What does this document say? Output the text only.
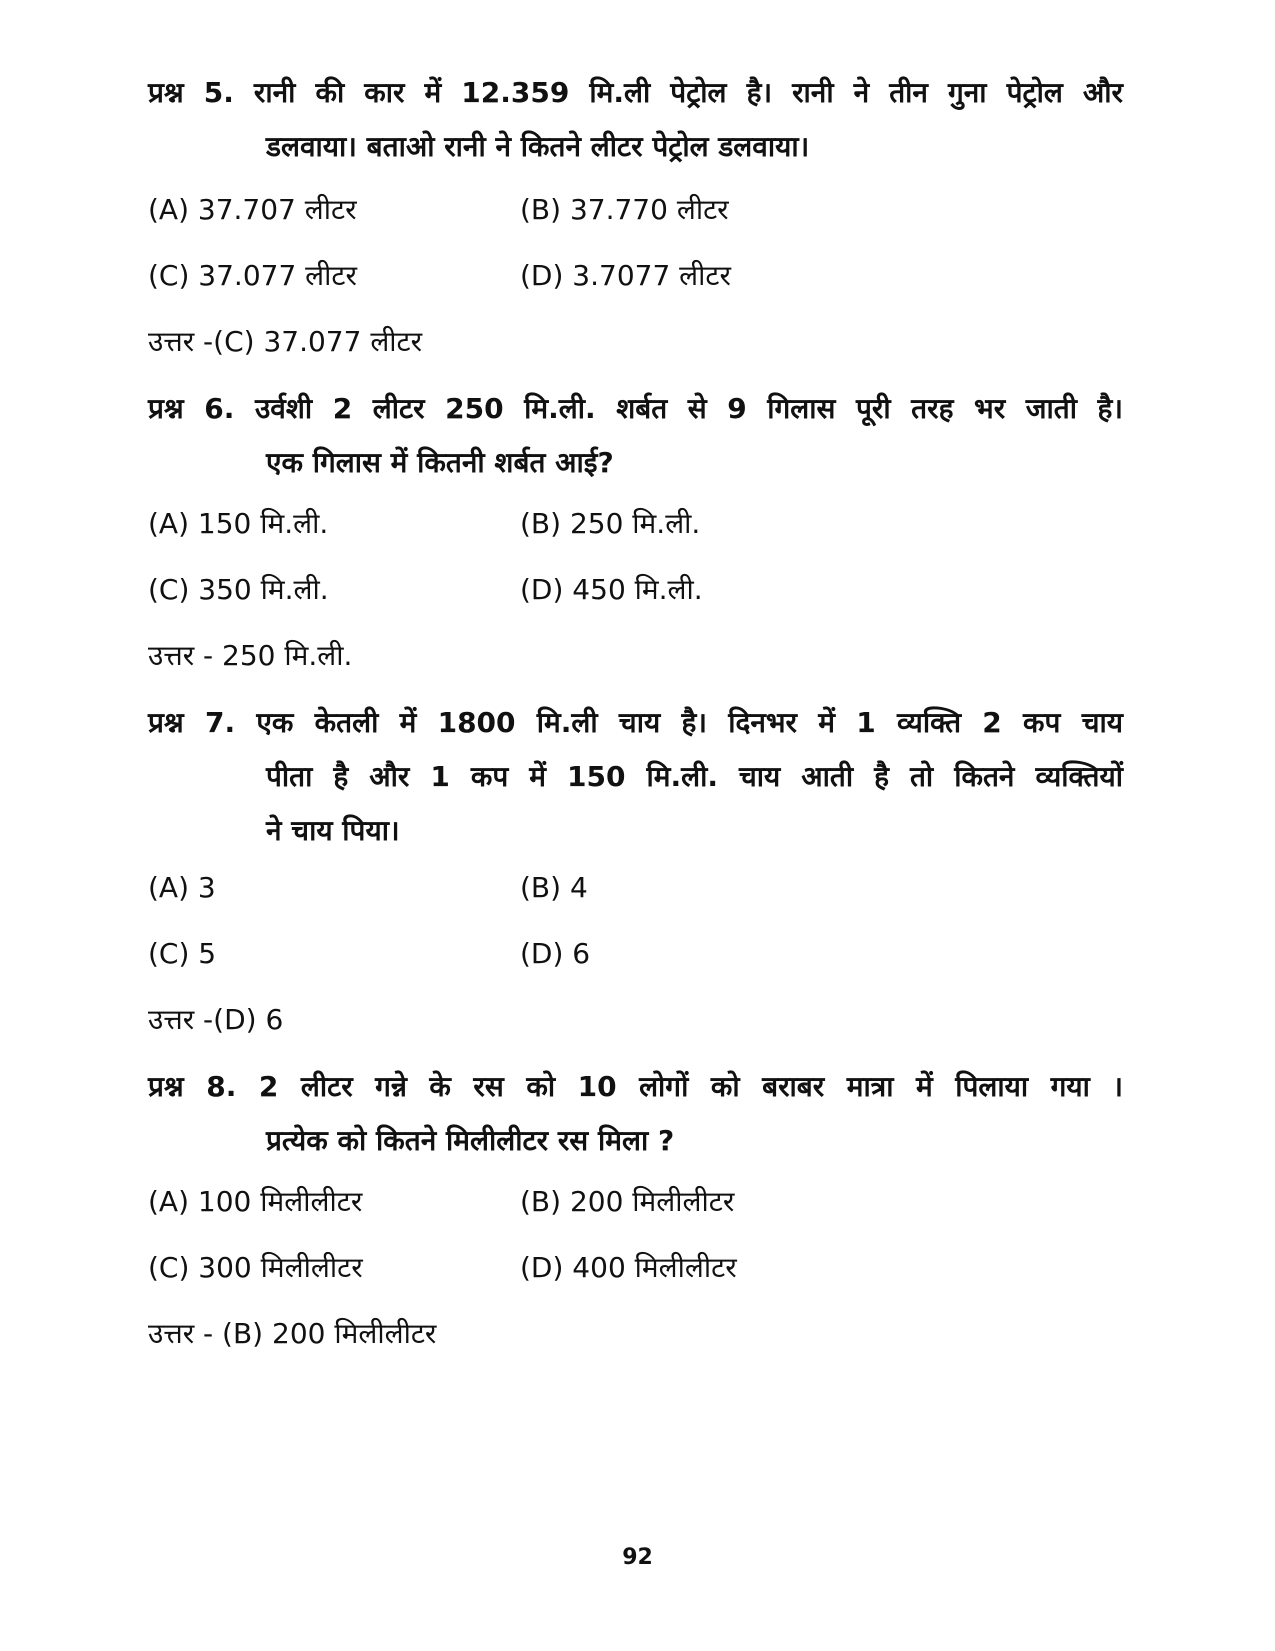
प्रश्न 5. रानी की कार में 12.359 मि.ली पेट्रोल है। रानी ने तीन गुना पेट्रोल और
डलवाया। बताओ रानी ने कितने लीटर पेट्रोल डलवाया।
(A) 37.707 लीटर	(B) 37.770 लीटर
(C) 37.077 लीटर	(D) 3.7077 लीटर
उत्तर -(C) 37.077 लीटर
प्रश्न 6. उर्वशी 2 लीटर 250 मि.ली. शर्बत से 9 गिलास पूरी तरह भर जाती है।
एक गिलास में कितनी शर्बत आई?
(A) 150 मि.ली.	(B) 250 मि.ली.
(C) 350 मि.ली.	(D) 450 मि.ली.
उत्तर - 250 मि.ली.
प्रश्न 7. एक केतली में 1800 मि.ली चाय है। दिनभर में 1 व्यक्ति 2 कप चाय
पीता है और 1 कप में 150 मि.ली. चाय आती है तो कितने व्यक्तियों
ने चाय पिया।
(A) 3	(B) 4
(C) 5	(D) 6
उत्तर -(D) 6
प्रश्न 8. 2 लीटर गन्ने के रस को 10 लोगों को बराबर मात्रा में पिलाया गया ।
प्रत्येक को कितने मिलीलीटर रस मिला ?
(A) 100 मिलीलीटर	(B) 200 मिलीलीटर
(C) 300 मिलीलीटर	(D) 400 मिलीलीटर
उत्तर - (B) 200 मिलीलीटर
92
